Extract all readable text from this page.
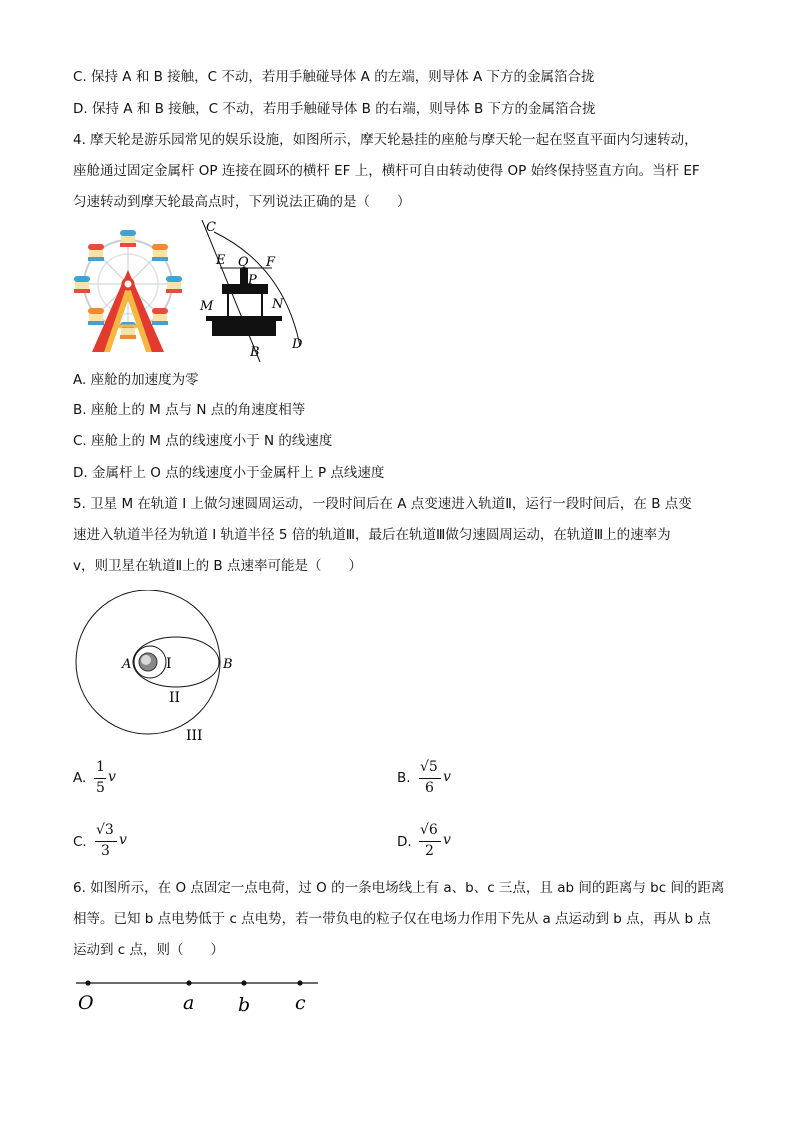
C. 保持 A 和 B 接触，C 不动，若用手触碰导体 A 的左端，则导体 A 下方的金属箔合拢
D. 保持 A 和 B 接触，C 不动，若用手触碰导体 B 的右端，则导体 B 下方的金属箔合拢
4. 摩天轮是游乐园常见的娱乐设施，如图所示，摩天轮悬挂的座舱与摩天轮一起在竖直平面内匀速转动，
座舱通过固定金属杆 OP 连接在圆环的横杆 EF 上，横杆可自由转动使得 OP 始终保持竖直方向。当杆 EF
匀速转动到摩天轮最高点时，下列说法正确的是（　　）
C
E O F
P
M	N
B
D
A. 座舱的加速度为零
B. 座舱上的 M 点与 N 点的角速度相等
C. 座舱上的 M 点的线速度小于 N 的线速度
D. 金属杆上 O 点的线速度小于金属杆上 P 点线速度
5. 卫星 M 在轨道 I 上做匀速圆周运动，一段时间后在 A 点变速进入轨道Ⅱ，运行一段时间后，在 B 点变
速进入轨道半径为轨道 I 轨道半径 5 倍的轨道Ⅲ，最后在轨道Ⅲ做匀速圆周运动，在轨道Ⅲ上的速率为
v，则卫星在轨道Ⅱ上的 B 点速率可能是（　　）
A I	B
II
III
A.
1
5
v	B.
√5
6
v
C.
√3
3
v	D.
√6
2
v
6. 如图所示，在 O 点固定一点电荷，过 O 的一条电场线上有 a、b、c 三点，且 ab 间的距离与 bc 间的距离
相等。已知 b 点电势低于 c 点电势，若一带负电的粒子仅在电场力作用下先从 a 点运动到 b 点，再从 b 点
运动到 c 点，则（　　）
O	a b c
